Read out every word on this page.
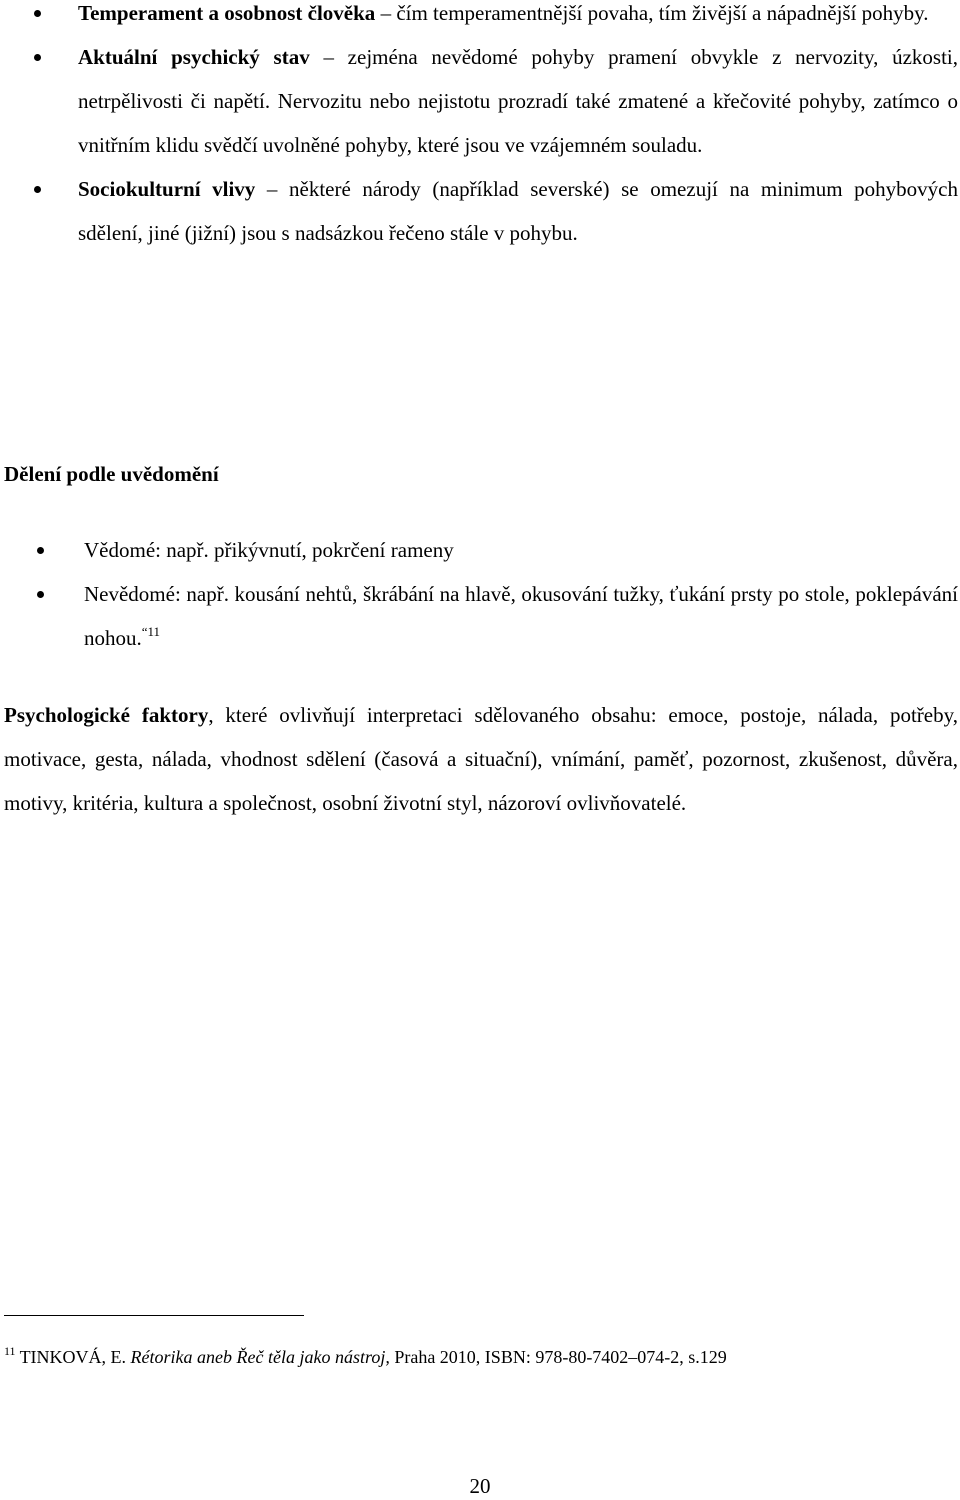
Temperament a osobnost člověka – čím temperamentnější povaha, tím živější a nápadnější pohyby.
Aktuální psychický stav – zejména nevědomé pohyby pramení obvykle z nervozity, úzkosti, netrpělivosti či napětí. Nervozitu nebo nejistotu prozradí také zmatené a křečovité pohyby, zatímco o vnitřním klidu svědčí uvolněné pohyby, které jsou ve vzájemném souladu.
Sociokulturní vlivy – některé národy (například severské) se omezují na minimum pohybových sdělení, jiné (jižní) jsou s nadsázkou řečeno stále v pohybu.
Dělení podle uvědomění
Vědomé: např. přikývnutí, pokrčení rameny
Nevědomé: např. kousání nehtů, škrábání na hlavě, okusování tužky, ťukání prsty po stole, poklepávání nohou.$^{“11}$
Psychologické faktory, které ovlivňují interpretaci sdělovaného obsahu: emoce, postoje, nálada, potřeby, motivace, gesta, nálada, vhodnost sdělení (časová a situační), vnímání, paměť, pozornost, zkušenost, důvěra, motivy, kritéria, kultura a společnost, osobní životní styl, názoroví ovlivňovatelé.
$^{11}$ TINKOVÁ, E. Rétorika aneb Řeč těla jako nástroj, Praha 2010, ISBN: 978-80-7402–074-2, s.129
20
